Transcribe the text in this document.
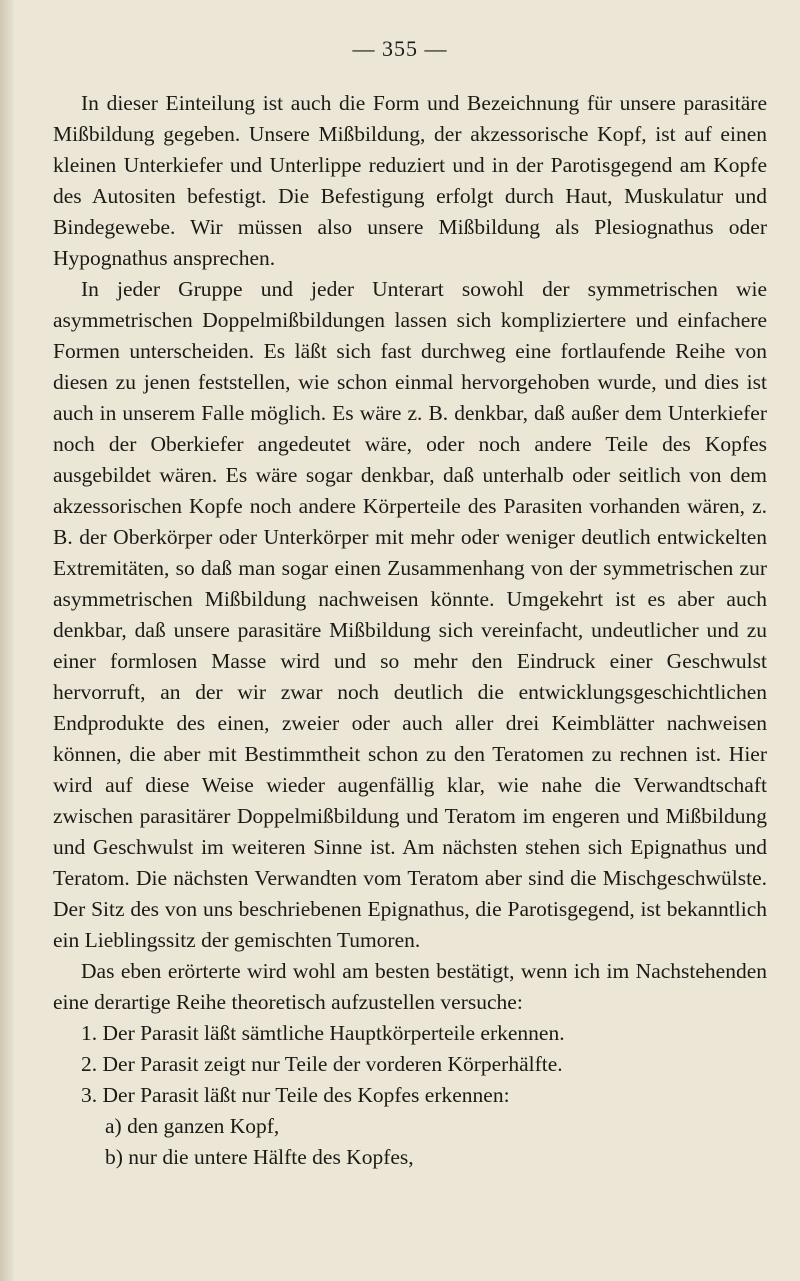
— 355 —

In dieser Einteilung ist auch die Form und Bezeichnung für unsere parasitäre Mißbildung gegeben. Unsere Mißbildung, der akzessorische Kopf, ist auf einen kleinen Unterkiefer und Unterlippe reduziert und in der Parotisgegend am Kopfe des Autositen befestigt. Die Befestigung erfolgt durch Haut, Muskulatur und Bindegewebe. Wir müssen also unsere Mißbildung als Plesiognathus oder Hypognathus ansprechen.

In jeder Gruppe und jeder Unterart sowohl der symmetrischen wie asymmetrischen Doppelmißbildungen lassen sich kompliziertere und einfachere Formen unterscheiden. Es läßt sich fast durchweg eine fortlaufende Reihe von diesen zu jenen feststellen, wie schon einmal hervorgehoben wurde, und dies ist auch in unserem Falle möglich. Es wäre z. B. denkbar, daß außer dem Unterkiefer noch der Oberkiefer angedeutet wäre, oder noch andere Teile des Kopfes ausgebildet wären. Es wäre sogar denkbar, daß unterhalb oder seitlich von dem akzessorischen Kopfe noch andere Körperteile des Parasiten vorhanden wären, z. B. der Oberkörper oder Unterkörper mit mehr oder weniger deutlich entwickelten Extremitäten, so daß man sogar einen Zusammenhang von der symmetrischen zur asymmetrischen Mißbildung nachweisen könnte. Umgekehrt ist es aber auch denkbar, daß unsere parasitäre Mißbildung sich vereinfacht, undeutlicher und zu einer formlosen Masse wird und so mehr den Eindruck einer Geschwulst hervorruft, an der wir zwar noch deutlich die entwicklungsgeschichtlichen Endprodukte des einen, zweier oder auch aller drei Keimblätter nachweisen können, die aber mit Bestimmtheit schon zu den Teratomen zu rechnen ist. Hier wird auf diese Weise wieder augenfällig klar, wie nahe die Verwandtschaft zwischen parasitärer Doppelmißbildung und Teratom im engeren und Mißbildung und Geschwulst im weiteren Sinne ist. Am nächsten stehen sich Epignathus und Teratom. Die nächsten Verwandten vom Teratom aber sind die Mischgeschwülste. Der Sitz des von uns beschriebenen Epignathus, die Parotisgegend, ist bekanntlich ein Lieblingssitz der gemischten Tumoren.

Das eben erörterte wird wohl am besten bestätigt, wenn ich im Nachstehenden eine derartige Reihe theoretisch aufzustellen versuche:

1. Der Parasit läßt sämtliche Hauptkörperteile erkennen.
2. Der Parasit zeigt nur Teile der vorderen Körperhälfte.
3. Der Parasit läßt nur Teile des Kopfes erkennen:
a) den ganzen Kopf,
b) nur die untere Hälfte des Kopfes,
